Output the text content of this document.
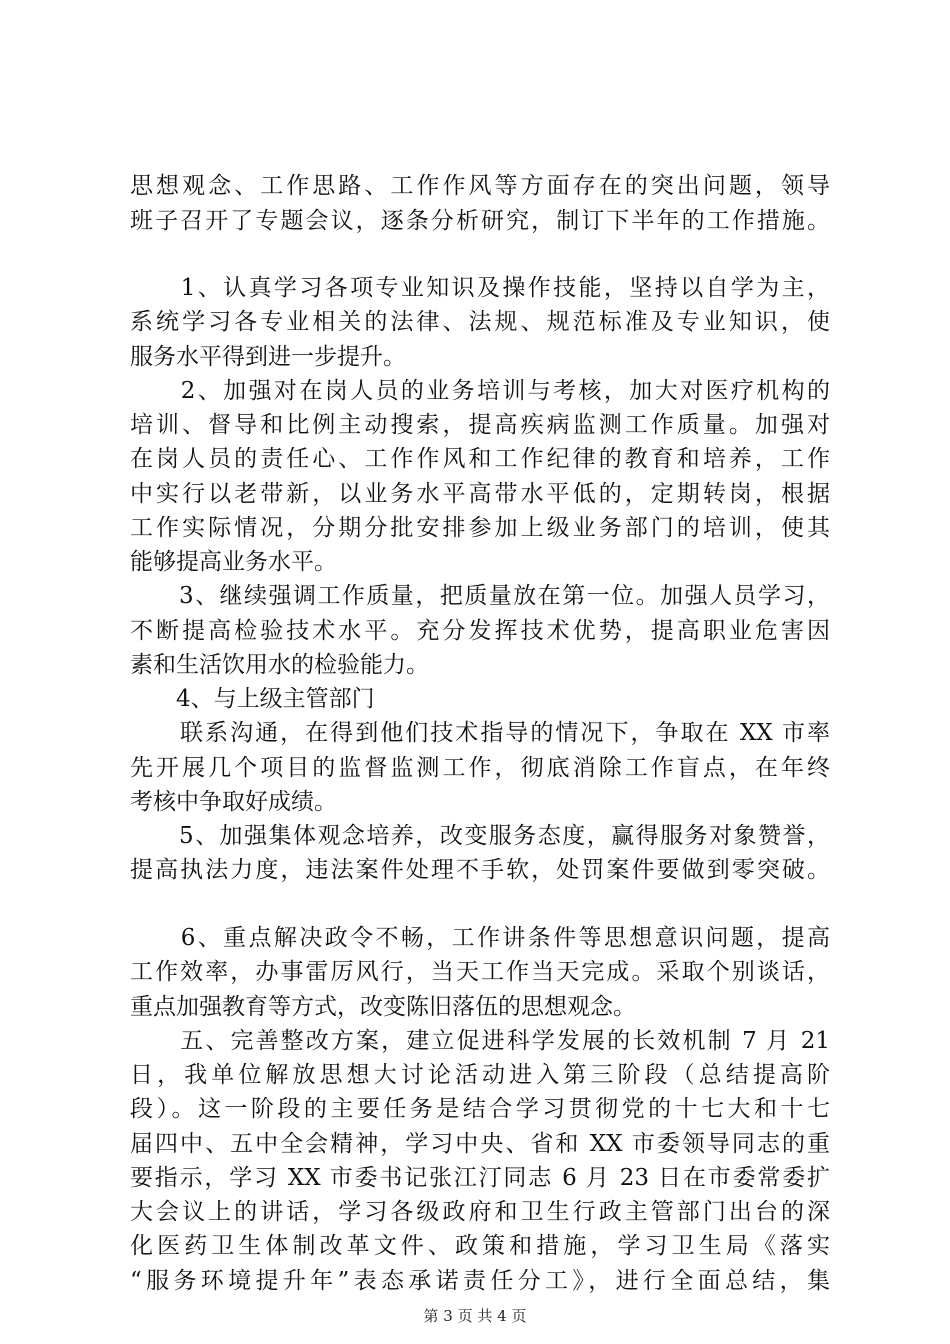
思想观念、工作思路、工作作风等方面存在的突出问题，领导
班子召开了专题会议，逐条分析研究，制订下半年的工作措施。
　　1、认真学习各项专业知识及操作技能，坚持以自学为主，
系统学习各专业相关的法律、法规、规范标准及专业知识，使
服务水平得到进一步提升。
　　2、加强对在岗人员的业务培训与考核，加大对医疗机构的
培训、督导和比例主动搜索，提高疾病监测工作质量。加强对
在岗人员的责任心、工作作风和工作纪律的教育和培养，工作
中实行以老带新，以业务水平高带水平低的，定期转岗，根据
工作实际情况，分期分批安排参加上级业务部门的培训，使其
能够提高业务水平。
　　3、继续强调工作质量，把质量放在第一位。加强人员学习，
不断提高检验技术水平。充分发挥技术优势，提高职业危害因
素和生活饮用水的检验能力。
　　4、与上级主管部门
　　联系沟通，在得到他们技术指导的情况下，争取在 XX 市率
先开展几个项目的监督监测工作，彻底消除工作盲点，在年终
考核中争取好成绩。
　　5、加强集体观念培养，改变服务态度，赢得服务对象赞誉，
提高执法力度，违法案件处理不手软，处罚案件要做到零突破。
　　6、重点解决政令不畅，工作讲条件等思想意识问题，提高
工作效率，办事雷厉风行，当天工作当天完成。采取个别谈话，
重点加强教育等方式，改变陈旧落伍的思想观念。
　　五、完善整改方案，建立促进科学发展的长效机制 7 月 21
日，我单位解放思想大讨论活动进入第三阶段（总结提高阶
段）。这一阶段的主要任务是结合学习贯彻党的十七大和十七
届四中、五中全会精神，学习中央、省和 XX 市委领导同志的重
要指示，学习 XX 市委书记张江汀同志 6 月 23 日在市委常委扩
大会议上的讲话，学习各级政府和卫生行政主管部门出台的深
化医药卫生体制改革文件、政策和措施，学习卫生局《落实
“服务环境提升年”表态承诺责任分工》，进行全面总结，集
第 3 页 共 4 页
